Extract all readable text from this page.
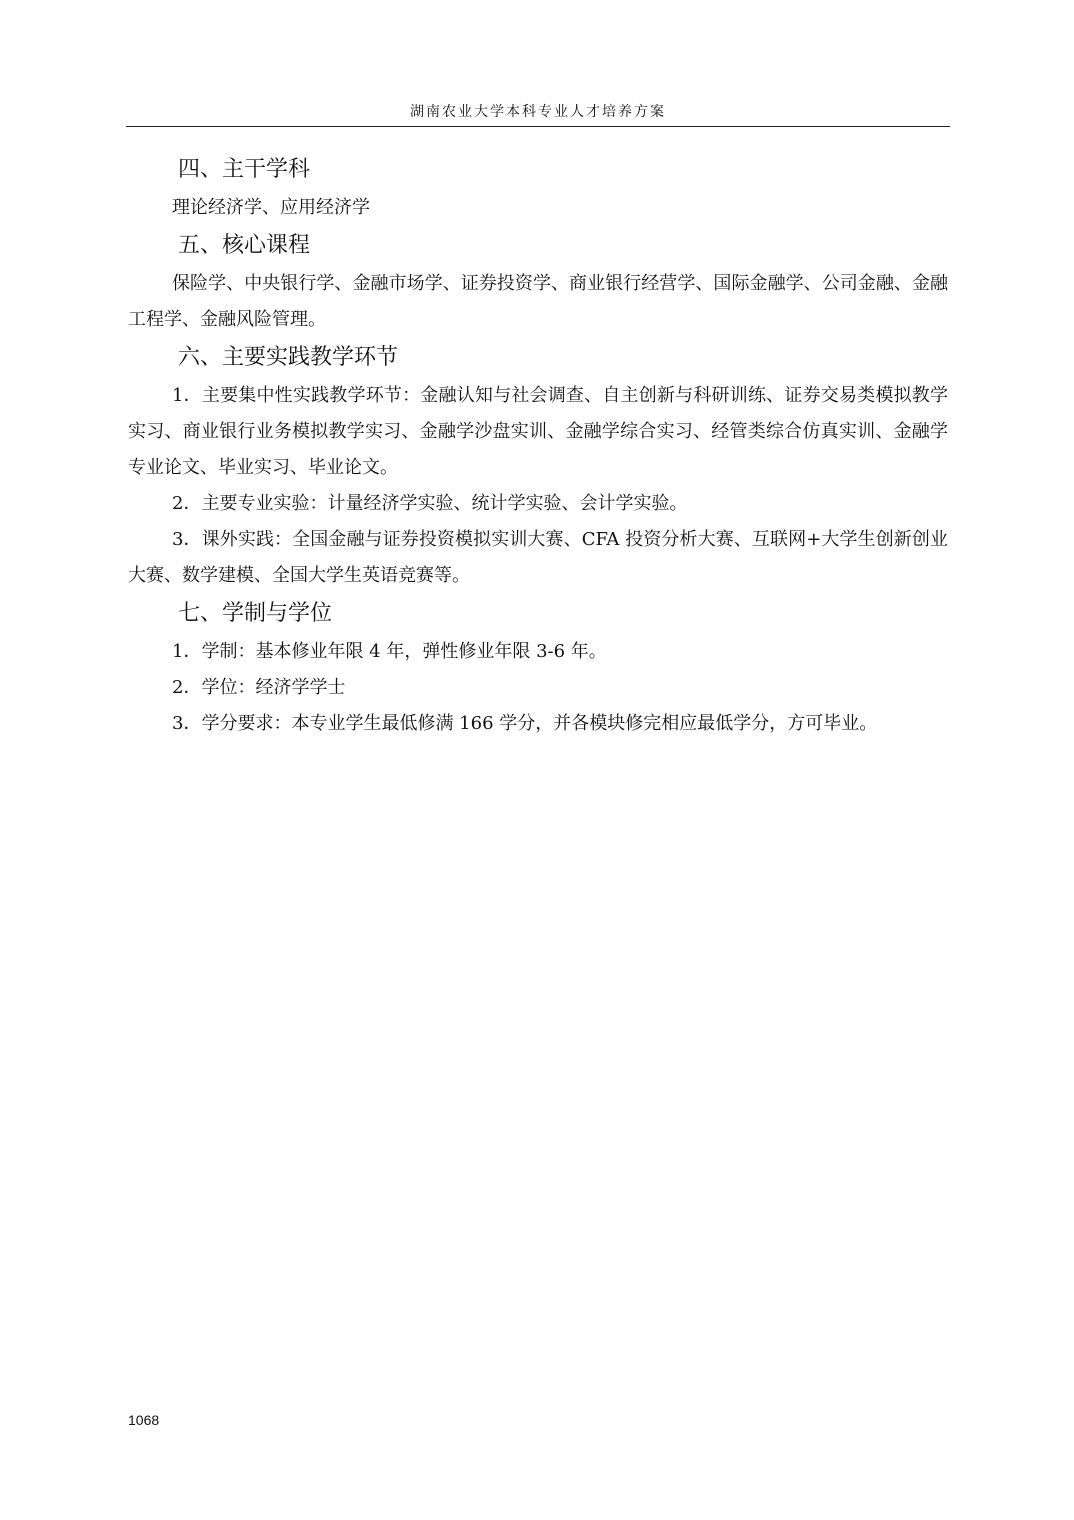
湖南农业大学本科专业人才培养方案
四、主干学科

理论经济学、应用经济学

五、核心课程

保险学、中央银行学、金融市场学、证券投资学、商业银行经营学、国际金融学、公司金融、金融工程学、金融风险管理。

六、主要实践教学环节

1．主要集中性实践教学环节：金融认知与社会调查、自主创新与科研训练、证券交易类模拟教学实习、商业银行业务模拟教学实习、金融学沙盘实训、金融学综合实习、经管类综合仿真实训、金融学专业论文、毕业实习、毕业论文。

2．主要专业实验：计量经济学实验、统计学实验、会计学实验。

3．课外实践：全国金融与证券投资模拟实训大赛、CFA 投资分析大赛、互联网+大学生创新创业大赛、数学建模、全国大学生英语竞赛等。

七、学制与学位

1．学制：基本修业年限 4 年，弹性修业年限 3-6 年。

2．学位：经济学学士

3．学分要求：本专业学生最低修满 166 学分，并各模块修完相应最低学分，方可毕业。

1068
